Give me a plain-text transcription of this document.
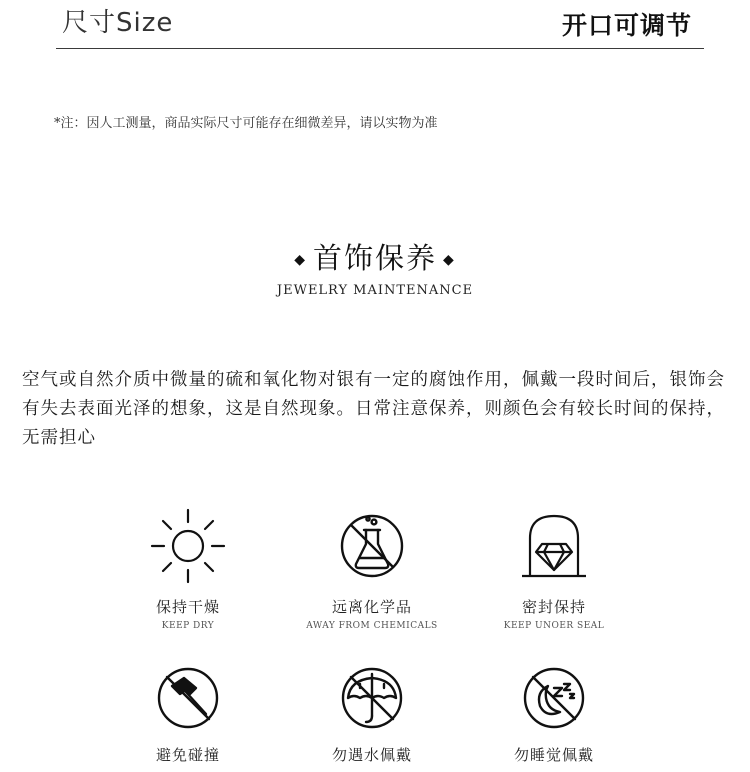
尺寸Size	开口可调节
*注：因人工测量，商品实际尺寸可能存在细微差异，请以实物为准
◆ 首饰保养 ◆
JEWELRY MAINTENANCE
空气或自然介质中微量的硫和氧化物对银有一定的腐蚀作用，佩戴一段时间后，银饰会有失去表面光泽的想象，这是自然现象。日常注意保养，则颜色会有较长时间的保持，无需担心
保持干燥
KEEP DRY
远离化学品
AWAY FROM CHEMICALS
密封保持
KEEP UNOER SEAL
避免碰撞	勿遇水佩戴	勿睡觉佩戴
